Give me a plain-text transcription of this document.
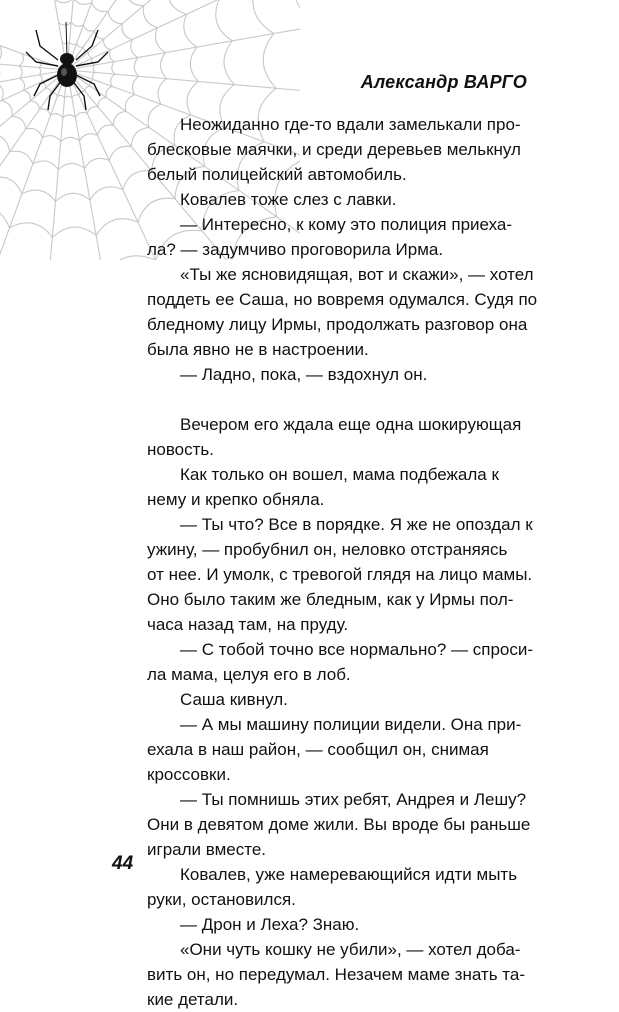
Александр ВАРГО
Неожиданно где-то вдали замелькали про-
блесковые маячки, и среди деревьев мелькнул
белый полицейский автомобиль.
Ковалев тоже слез с лавки.
— Интересно, к кому это полиция приеха-
ла? — задумчиво проговорила Ирма.
«Ты же ясновидящая, вот и скажи», — хотел
поддеть ее Саша, но вовремя одумался. Судя по
бледному лицу Ирмы, продолжать разговор она
была явно не в настроении.
— Ладно, пока, — вздохнул он.
Вечером его ждала еще одна шокирующая
новость.
Как только он вошел, мама подбежала к
нему и крепко обняла.
— Ты что? Все в порядке. Я же не опоздал к
ужину, — пробубнил он, неловко отстраняясь
от нее. И умолк, с тревогой глядя на лицо мамы.
Оно было таким же бледным, как у Ирмы пол-
часа назад там, на пруду.
— С тобой точно все нормально? — спроси-
ла мама, целуя его в лоб.
Саша кивнул.
— А мы машину полиции видели. Она при-
ехала в наш район, — сообщил он, снимая
кроссовки.
— Ты помнишь этих ребят, Андрея и Лешу?
Они в девятом доме жили. Вы вроде бы раньше
играли вместе.
Ковалев, уже намеревающийся идти мыть
руки, остановился.
— Дрон и Леха? Знаю.
«Они чуть кошку не убили», — хотел доба-
вить он, но передумал. Незачем маме знать та-
кие детали.
44
